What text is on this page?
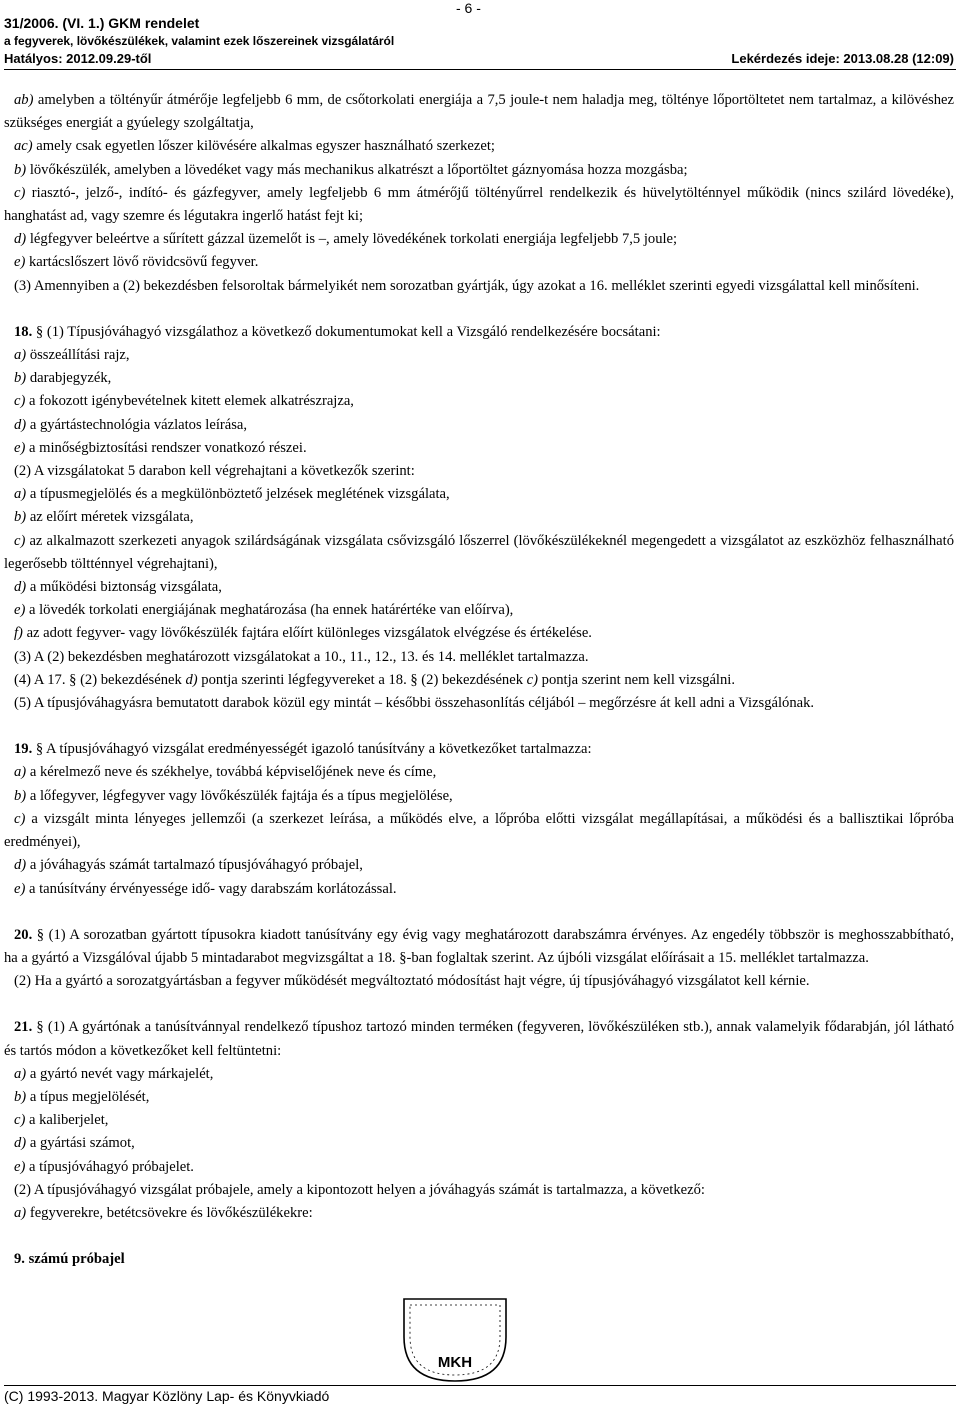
31/2006. (VI. 1.) GKM rendelet
- 6 -
a fegyverek, lövőkészülékek, valamint ezek lőszereinek vizsgálatáról
Hatályos: 2012.09.29-től	Lekérdezés ideje: 2013.08.28 (12:09)

ab) amelyben a töltényűr átmérője legfeljebb 6 mm, de csőtorkolati energiája a 7,5 joule-t nem haladja meg, tölténye lőportöltetet nem tartalmaz, a kilövéshez szükséges energiát a gyúelegy szolgáltatja,

ac) amely csak egyetlen lőszer kilövésére alkalmas egyszer használható szerkezet;

b) lövőkészülék, amelyben a lövedéket vagy más mechanikus alkatrészt a lőportöltet gáznyomása hozza mozgásba;

c) riasztó-, jelző-, indító- és gázfegyver, amely legfeljebb 6 mm átmérőjű töltényűrrel rendelkezik és hüvelytölténnyel működik (nincs szilárd lövedéke), hanghatást ad, vagy szemre és légutakra ingerlő hatást fejt ki;

d) légfegyver beleértve a sűrített gázzal üzemelőt is –, amely lövedékének torkolati energiája legfeljebb 7,5 joule;

e) kartácslőszert lövő rövidcsövű fegyver.

(3) Amennyiben a (2) bekezdésben felsoroltak bármelyikét nem sorozatban gyártják, úgy azokat a 16. melléklet szerinti egyedi vizsgálattal kell minősíteni.

18. § (1) Típusjóváhagyó vizsgálathoz a következő dokumentumokat kell a Vizsgáló rendelkezésére bocsátani:

a) összeállítási rajz,

b) darabjegyzék,

c) a fokozott igénybevételnek kitett elemek alkatrészrajza,

d) a gyártástechnológia vázlatos leírása,

e) a minőségbiztosítási rendszer vonatkozó részei.

(2) A vizsgálatokat 5 darabon kell végrehajtani a következők szerint:

a) a típusmegjelölés és a megkülönböztető jelzések meglétének vizsgálata,

b) az előírt méretek vizsgálata,

c) az alkalmazott szerkezeti anyagok szilárdságának vizsgálata csővizsgáló lőszerrel (lövőkészülékeknél megengedett a vizsgálatot az eszközhöz felhasználható legerősebb töltténnyel végrehajtani),

d) a működési biztonság vizsgálata,

e) a lövedék torkolati energiájának meghatározása (ha ennek határértéke van előírva),

f) az adott fegyver- vagy lövőkészülék fajtára előírt különleges vizsgálatok elvégzése és értékelése.

(3) A (2) bekezdésben meghatározott vizsgálatokat a 10., 11., 12., 13. és 14. melléklet tartalmazza.

(4) A 17. § (2) bekezdésének d) pontja szerinti légfegyvereket a 18. § (2) bekezdésének c) pontja szerint nem kell vizsgálni.

(5) A típusjóváhagyásra bemutatott darabok közül egy mintát – későbbi összehasonlítás céljából – megőrzésre át kell adni a Vizsgálónak.

19. § A típusjóváhagyó vizsgálat eredményességét igazoló tanúsítvány a következőket tartalmazza:

a) a kérelmező neve és székhelye, továbbá képviselőjének neve és címe,

b) a lőfegyver, légfegyver vagy lövőkészülék fajtája és a típus megjelölése,

c) a vizsgált minta lényeges jellemzői (a szerkezet leírása, a működés elve, a lőpróba előtti vizsgálat megállapításai, a működési és a ballisztikai lőpróba eredményei),

d) a jóváhagyás számát tartalmazó típusjóváhagyó próbajel,

e) a tanúsítvány érvényessége idő- vagy darabszám korlátozással.

20. § (1) A sorozatban gyártott típusokra kiadott tanúsítvány egy évig vagy meghatározott darabszámra érvényes. Az engedély többször is meghosszabbítható, ha a gyártó a Vizsgálóval újabb 5 mintadarabot megvizsgáltat a 18. §-ban foglaltak szerint. Az újbóli vizsgálat előírásait a 15. melléklet tartalmazza.

(2) Ha a gyártó a sorozatgyártásban a fegyver működését megváltoztató módosítást hajt végre, új típusjóváhagyó vizsgálatot kell kérnie.

21. § (1) A gyártónak a tanúsítvánnyal rendelkező típushoz tartozó minden terméken (fegyveren, lövőkészüléken stb.), annak valamelyik fődarabján, jól látható és tartós módon a következőket kell feltüntetni:

a) a gyártó nevét vagy márkajelét,

b) a típus megjelölését,

c) a kaliberjelet,

d) a gyártási számot,

e) a típusjóváhagyó próbajelet.

(2) A típusjóváhagyó vizsgálat próbajele, amely a kipontozott helyen a jóváhagyás számát is tartalmazza, a következő:

a) fegyverekre, betétcsövekre és lövőkészülékekre:

9. számú próbajel

MKH
(C) 1993-2013. Magyar Közlöny Lap- és Könyvkiadó
